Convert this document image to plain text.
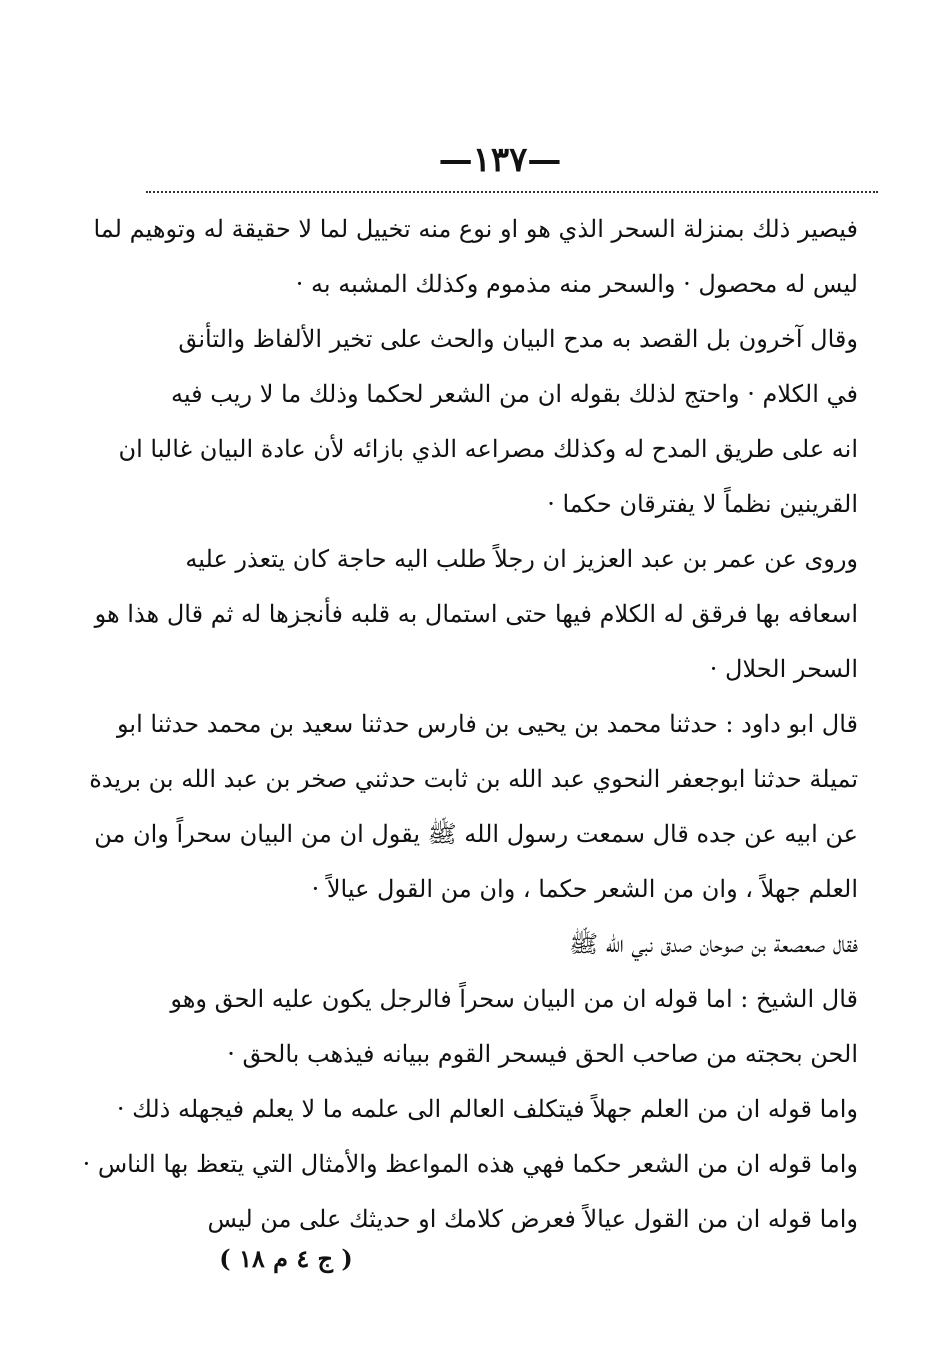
—١٣٧—
فيصير ذلك بمنزلة السحر الذي هو او نوع منه تخييل لما لا حقيقة له وتوهيم لما
ليس له محصول · والسحر منه مذموم وكذلك المشبه به ·
وقال آخرون بل القصد به مدح البيان والحث على تخير الألفاظ والتأنق
في الكلام · واحتج لذلك بقوله ان من الشعر لحكما وذلك ما لا ريب فيه
انه على طريق المدح له وكذلك مصراعه الذي بازائه لأن عادة البيان غالبا ان
القرينين نظماً لا يفترقان حكما ·
وروى عن عمر بن عبد العزيز ان رجلاً طلب اليه حاجة كان يتعذر عليه
اسعافه بها فرقق له الكلام فيها حتى استمال به قلبه فأنجزها له ثم قال هذا هو
السحر الحلال ·
قال ابو داود : حدثنا محمد بن يحيى بن فارس حدثنا سعيد بن محمد حدثنا ابو
تميلة حدثنا ابوجعفر النحوي عبد الله بن ثابت حدثني صخر بن عبد الله بن بريدة
عن ابيه عن جده قال سمعت رسول الله ﷺ يقول ان من البيان سحراً وان من
العلم جهلاً ، وان من الشعر حكما ، وان من القول عيالاً ·
فقال صعصعة بن صوحان صدق نبي الله ﷺ
قال الشيخ : اما قوله ان من البيان سحراً فالرجل يكون عليه الحق وهو
الحن بحجته من صاحب الحق فيسحر القوم ببيانه فيذهب بالحق ·
واما قوله ان من العلم جهلاً فيتكلف العالم الى علمه ما لا يعلم فيجهله ذلك ·
واما قوله ان من الشعر حكما فهي هذه المواعظ والأمثال التي يتعظ بها الناس ·
واما قوله ان من القول عيالاً فعرض كلامك او حديثك على من ليس
( ج ٤ م ١٨ )
